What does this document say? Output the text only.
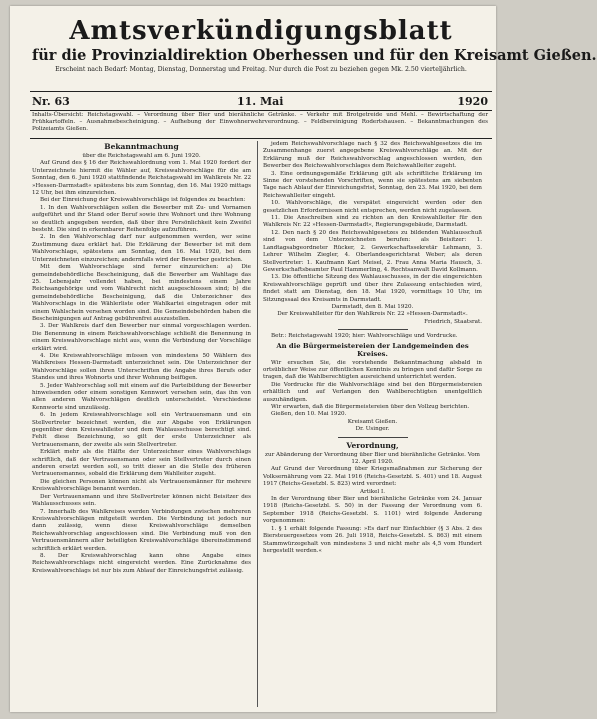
Amtsverkündigungsblatt
für die Provinzialdirektion Oberhessen und für den Kreisamt Gießen.
Erscheint nach Bedarf: Montag, Dienstag, Donnerstag und Freitag. Nur durch die Post zu beziehen gegen Mk. 2.50 vierteljährlich.
Nr. 63	11. Mai	1920
Inhalts-Übersicht: Reichstagswahl. – Verordnung über Bier und bierähnliche Getränke. – Verkehr mit Brotgetreide und Mehl. – Bewirtschaftung der Frühkartoffeln. – Ausnahmebescheinigung. – Aufhebung der Einwohnerwehrverordnung. – Feldbereinigung Rodertshausen. – Bekanntmachungen des Polizeiamts Gießen.
Bekanntmachung

über die Reichstagswahl am 6. Juni 1920.

Auf Grund des § 16 der Reichswahlordnung vom 1. Mai 1920 fordert der Unterzeichnete hiermit die Wähler auf, Kreiswahlvorschläge für die am Sonntag, den 6. Juni 1920 stattfindende Reichstagswahl im Wahlkreis Nr. 22 »Hessen-Darmstadt« spätestens bis zum Sonntag, den 16. Mai 1920 mittags 12 Uhr, bei ihm einzureichen.

Bei der Einreichung der Kreiswahlvorschläge ist folgendes zu beachten:

1. In den Wahlvorschlägen sollen die Bewerber mit Zu- und Vornamen aufgeführt und ihr Stand oder Beruf sowie ihre Wohnort und ihre Wohnung so deutlich angegeben werden, daß über ihre Persönlichkeit kein Zweifel besteht. Die sind in erkennbarer Reihenfolge aufzuführen.

2. In den Wahlvorschlag darf nur aufgenommen werden, wer seine Zustimmung dazu erklärt hat. Die Erklärung der Bewerber ist mit dem Wahlvorschlage, spätestens am Sonntag, den 16. Mai 1920, bei dem Unterzeichneten einzureichen; andernfalls wird der Bewerber gestrichen.

Mit dem Wahlvorschlage sind ferner einzureichen: a) Die gemeindebehördliche Bescheinigung, daß die Bewerber am Wahltage das 25. Lebensjahr vollendet haben, bei mindestens einem Jahre Reichsangehörige und vom Wahlrecht nicht ausgeschlossen sind; b) die gemeindebehördliche Bescheinigung, daß die Unterzeichner des Wahlvorschlags in die Wählerliste oder Wahlkartei eingetragen oder mit einem Wahlschein versehen worden sind. Die Gemeindebehörden haben die Bescheinigungen auf Antrag gebührenfrei auszustellen.

3. Der Wahlkreis darf den Bewerber nur einmal vorgeschlagen werden. Die Benennung in einem Reichswahlvorschlage schließt die Benennung in einem Kreiswahlvorschlage nicht aus, wenn die Verbindung der Vorschläge erklärt wird.

4. Die Kreiswahlvorschläge müssen von mindestens 50 Wählern des Wahlkreises Hessen-Darmstadt unterzeichnet sein. Die Unterzeichner der Wahlvorschläge sollen ihren Unterschriften die Angabe ihres Berufs oder Standes und ihres Wohnorts und ihrer Wohnung beifügen.

5. Jeder Wahlvorschlag soll mit einem auf die Parteibildung der Bewerber hinweisenden oder einem sonstigen Kennwort versehen sein, das ihn von allen anderen Wahlvorschlägen deutlich unterscheidet. Verschiedene Kennworte sind unzulässig.

6. In jedem Kreiswahlvorschlage soll ein Vertrauensmann und ein Stellvertreter bezeichnet werden, die zur Abgabe von Erklärungen gegenüber dem Kreiswahlleiter und dem Wahlausschusse berechtigt sind. Fehlt diese Bezeichnung, so gilt der erste Unterzeichner als Vertrauensmann, der zweite als sein Stellvertreter.

Erklärt mehr als die Hälfte der Unterzeichner eines Wahlvorschlags schriftlich, daß der Vertrauensmann oder sein Stellvertreter durch einen anderen ersetzt werden soll, so tritt dieser an die Stelle des früheren Vertrauensmannes, sobald die Erklärung dem Wahlleiter zugeht.

Die gleichen Personen können nicht als Vertrauensmänner für mehrere Kreiswahlvorschläge benannt werden.

Der Vertrauensmann und ihre Stellvertreter können nicht Beisitzer des Wahlausschusses sein.

7. Innerhalb des Wahlkreises werden Verbindungen zwischen mehreren Kreiswahlvorschlägen mitgeteilt werden. Die Verbindung ist jedoch nur dann zulässig, wenn diese Kreiswahlvorschläge demselben Reichswahlvorschlag angeschlossen sind. Die Verbindung muß von den Vertrauensmännern aller beteiligten Kreiswahlvorschläge übereinstimmend schriftlich erklärt werden.

8. Der Kreiswahlvorschlag kann ohne Angabe eines Reichswahlvorschlags nicht eingereicht werden. Eine Zurücknahme des Kreiswahlvorschlags ist nur bis zum Ablauf der Einreichungsfrist zulässig.

jedem Reichswahlvorschlage nach § 32 des Reichswahlgesetzes die im Zusammenhange zuerst angegebene Kreiswahlvorschläge an. Mit der Erklärung muß der Reichswahlvorschlag angeschlossen werden, den Bewerber des Reichswahlvorschlages dem Reichswahlleiter zugeht.

3. Eine ordnungsgemäße Erklärung gilt als schriftliche Erklärung im Sinne der vorstehenden Vorschriften, wenn sie spätestens am siebenten Tage nach Ablauf der Einreichungsfrist, Sonntag, den 23. Mai 1920, bei dem Reichswahlleiter eingeht.

10. Wahlvorschläge, die verspätet eingereicht werden oder den gesetzlichen Erfordernissen nicht entsprechen, werden nicht zugelassen.

11. Die Anschreiben sind zu richten an den Kreiswahlleiter für den Wahlkreis Nr. 22 »Hessen-Darmstadt«, Regierungsgebäude, Darmstadt.

12. Den nach § 20 des Reichswahlgesetzes zu bildenden Wahlausschuß sind von dem Unterzeichneten berufen: als Beisitzer: 1. Landtagsabgeordneter Rücker, 2. Gewerkschaftssekretär Lehmann, 3. Lehrer Wilhelm Ziegler, 4. Oberlandesgerichtsrat Weber; als deren Stellvertreter: 1. Kaufmann Karl Meisel, 2. Frau Anna Maria Hausch, 3. Gewerkschaftsbeamter Paul Hammerling, 4. Rechtsanwalt David Kollmann.

13. Die öffentliche Sitzung des Wahlausschusses, in der die eingereichten Kreiswahlvorschläge geprüft und über ihre Zulassung entschieden wird, findet statt am Dienstag, den 18. Mai 1920, vormittags 10 Uhr, im Sitzungssaal des Kreisamts in Darmstadt.

Darmstadt, den 8. Mai 1920.

Der Kreiswahlleiter für den Wahlkreis Nr. 22 »Hessen-Darmstadt«.

Friedrich, Staatsrat.

Betr.: Reichstagswahl 1920; hier: Wahlvorschläge und Vordrucke.

An die Bürgermeistereien der Landgemeinden des Kreises.

Wir ersuchen Sie, die vorstehende Bekanntmachung alsbald in ortsüblicher Weise zur öffentlichen Kenntnis zu bringen und dafür Sorge zu tragen, daß die Wahlberechtigten ausreichend unterrichtet werden.

Die Vordrucke für die Wahlvorschläge sind bei den Bürgermeistereien erhältlich und auf Verlangen den Wahlberechtigten unentgeltlich auszuhändigen.

Wir erwarten, daß die Bürgermeistereien über den Vollzug berichten.

Gießen, den 10. Mai 1920.

Kreisamt Gießen.

Dr. Usinger.

Verordnung,

zur Abänderung der Verordnung über Bier und bierähnliche Getränke. Vom 12. April 1920.

Auf Grund der Verordnung über Kriegsmaßnahmen zur Sicherung der Volksernährung vom 22. Mai 1916 (Reichs-Gesetzbl. S. 401) und 18. August 1917 (Reichs-Gesetzbl. S. 823) wird verordnet:

Artikel I.

In der Verordnung über Bier und bierähnliche Getränke vom 24. Januar 1918 (Reichs-Gesetzbl. S. 50) in der Fassung der Verordnung vom 6. September 1918 (Reichs-Gesetzbl. S. 1101) wird folgende Änderung vorgenommen:

1. § 1 erhält folgende Fassung: »Es darf nur Einfachbier (§ 3 Abs. 2 des Biersteuergesetzes vom 26. Juli 1918, Reichs-Gesetzbl. S. 863) mit einem Stammwürzegehalt von mindestens 3 und nicht mehr als 4,5 vom Hundert hergestellt werden.«
